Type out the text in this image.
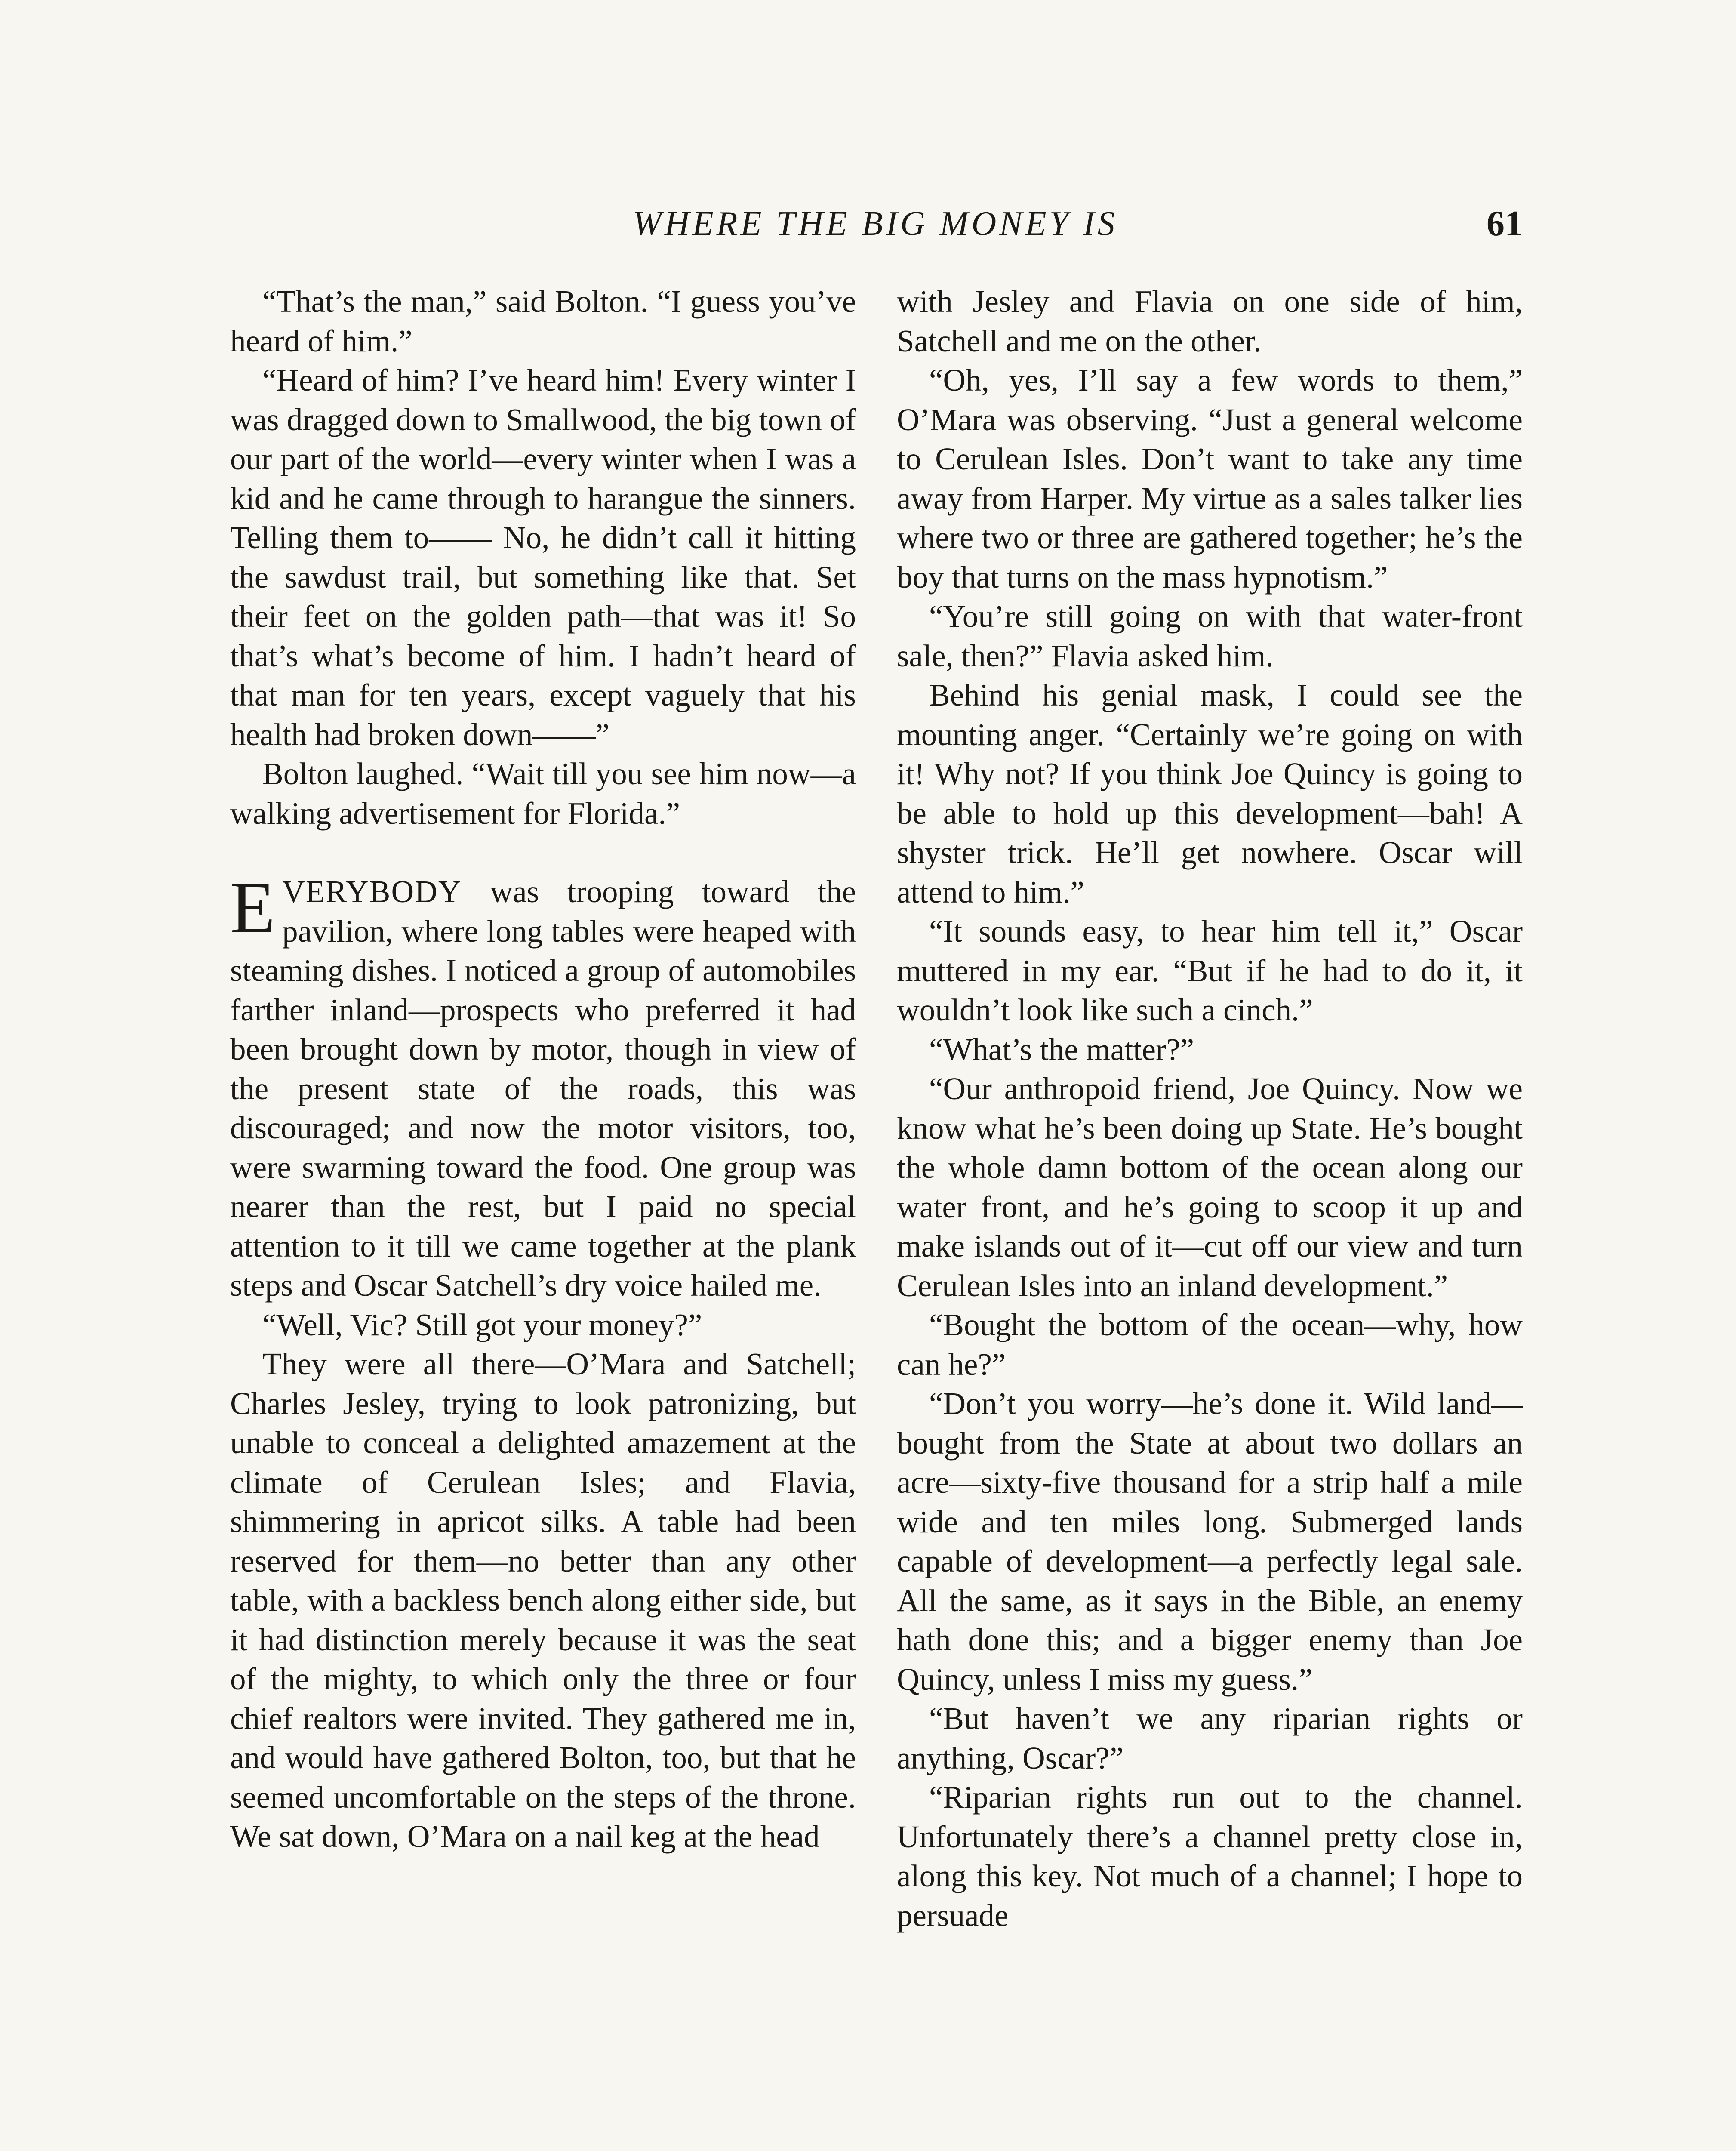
WHERE THE BIG MONEY IS	61

“That’s the man,” said Bolton. “I guess you’ve heard of him.”

“Heard of him? I’ve heard him! Every winter I was dragged down to Smallwood, the big town of our part of the world—every winter when I was a kid and he came through to harangue the sinners. Telling them to—— No, he didn’t call it hitting the sawdust trail, but something like that. Set their feet on the golden path—that was it! So that’s what’s become of him. I hadn’t heard of that man for ten years, except vaguely that his health had broken down——”

Bolton laughed. “Wait till you see him now—a walking advertisement for Florida.”

EVERYBODY was trooping toward the pavilion, where long tables were heaped with steaming dishes. I noticed a group of automobiles farther inland—prospects who preferred it had been brought down by motor, though in view of the present state of the roads, this was discouraged; and now the motor visitors, too, were swarming toward the food. One group was nearer than the rest, but I paid no special attention to it till we came together at the plank steps and Oscar Satchell’s dry voice hailed me.

“Well, Vic? Still got your money?”

They were all there—O’Mara and Satchell; Charles Jesley, trying to look patronizing, but unable to conceal a delighted amazement at the climate of Cerulean Isles; and Flavia, shimmering in apricot silks. A table had been reserved for them—no better than any other table, with a backless bench along either side, but it had distinction merely because it was the seat of the mighty, to which only the three or four chief realtors were invited. They gathered me in, and would have gathered Bolton, too, but that he seemed uncomfortable on the steps of the throne. We sat down, O’Mara on a nail keg at the head

with Jesley and Flavia on one side of him, Satchell and me on the other.

“Oh, yes, I’ll say a few words to them,” O’Mara was observing. “Just a general welcome to Cerulean Isles. Don’t want to take any time away from Harper. My virtue as a sales talker lies where two or three are gathered together; he’s the boy that turns on the mass hypnotism.”

“You’re still going on with that water-front sale, then?” Flavia asked him.

Behind his genial mask, I could see the mounting anger. “Certainly we’re going on with it! Why not? If you think Joe Quincy is going to be able to hold up this development—bah! A shyster trick. He’ll get nowhere. Oscar will attend to him.”

“It sounds easy, to hear him tell it,” Oscar muttered in my ear. “But if he had to do it, it wouldn’t look like such a cinch.”

“What’s the matter?”

“Our anthropoid friend, Joe Quincy. Now we know what he’s been doing up State. He’s bought the whole damn bottom of the ocean along our water front, and he’s going to scoop it up and make islands out of it—cut off our view and turn Cerulean Isles into an inland development.”

“Bought the bottom of the ocean—why, how can he?”

“Don’t you worry—he’s done it. Wild land—bought from the State at about two dollars an acre—sixty-five thousand for a strip half a mile wide and ten miles long. Submerged lands capable of development—a perfectly legal sale. All the same, as it says in the Bible, an enemy hath done this; and a bigger enemy than Joe Quincy, unless I miss my guess.”

“But haven’t we any riparian rights or anything, Oscar?”

“Riparian rights run out to the channel. Unfortunately there’s a channel pretty close in, along this key. Not much of a channel; I hope to persuade
